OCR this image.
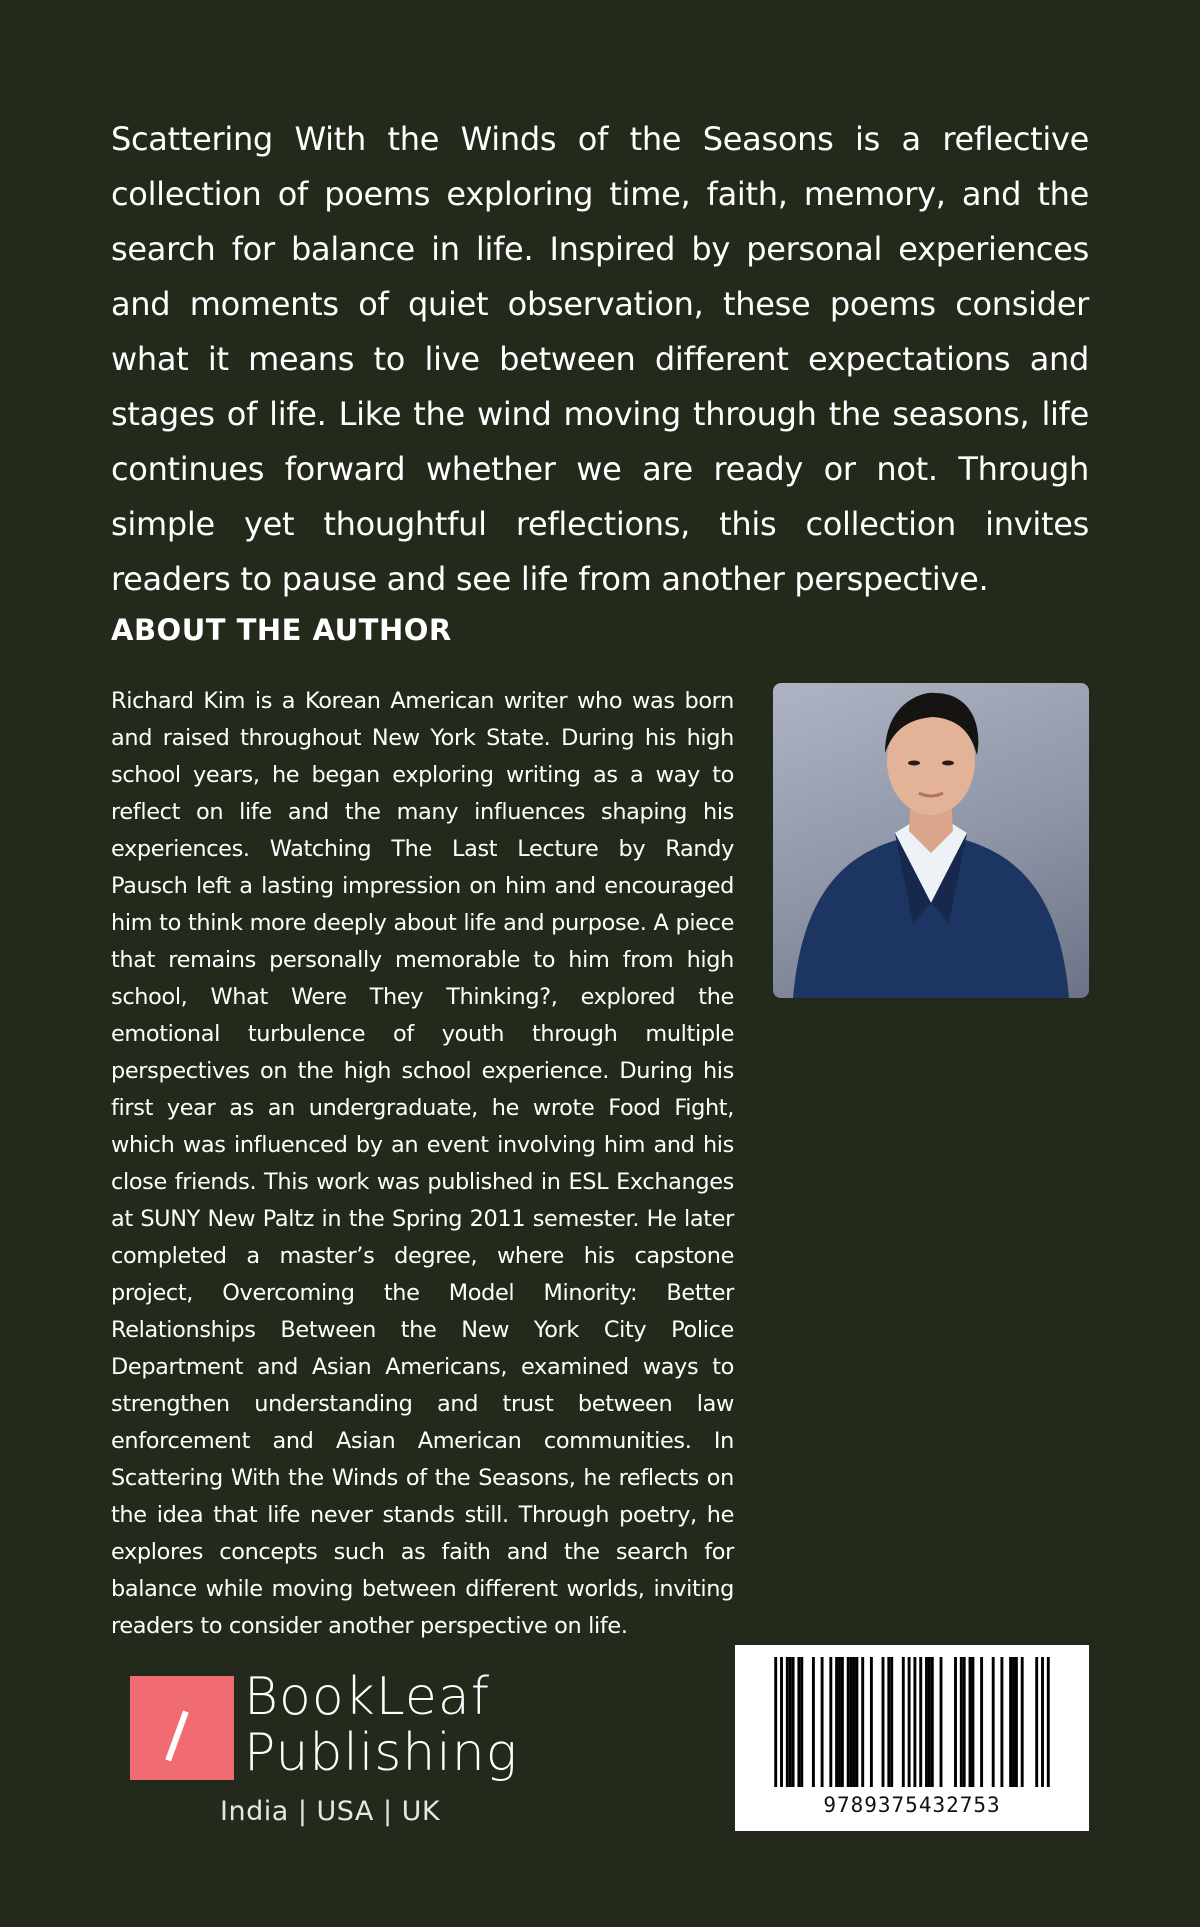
Scattering With the Winds of the Seasons is a reflective collection of poems exploring time, faith, memory, and the search for balance in life. Inspired by personal experiences and moments of quiet observation, these poems consider what it means to live between different expectations and stages of life. Like the wind moving through the seasons, life continues forward whether we are ready or not. Through simple yet thoughtful reflections, this collection invites readers to pause and see life from another perspective.

ABOUT THE AUTHOR

Richard Kim is a Korean American writer who was born and raised throughout New York State. During his high school years, he began exploring writing as a way to reflect on life and the many influences shaping his experiences. Watching The Last Lecture by Randy Pausch left a lasting impression on him and encouraged him to think more deeply about life and purpose. A piece that remains personally memorable to him from high school, What Were They Thinking?, explored the emotional turbulence of youth through multiple perspectives on the high school experience. During his first year as an undergraduate, he wrote Food Fight, which was influenced by an event involving him and his close friends. This work was published in ESL Exchanges at SUNY New Paltz in the Spring 2011 semester. He later completed a master’s degree, where his capstone project, Overcoming the Model Minority: Better Relationships Between the New York City Police Department and Asian Americans, examined ways to strengthen understanding and trust between law enforcement and Asian American communities. In Scattering With the Winds of the Seasons, he reflects on the idea that life never stands still. Through poetry, he explores concepts such as faith and the search for balance while moving between different worlds, inviting readers to consider another perspective on life.

BookLeaf
Publishing
India | USA | UK	9789375432753
